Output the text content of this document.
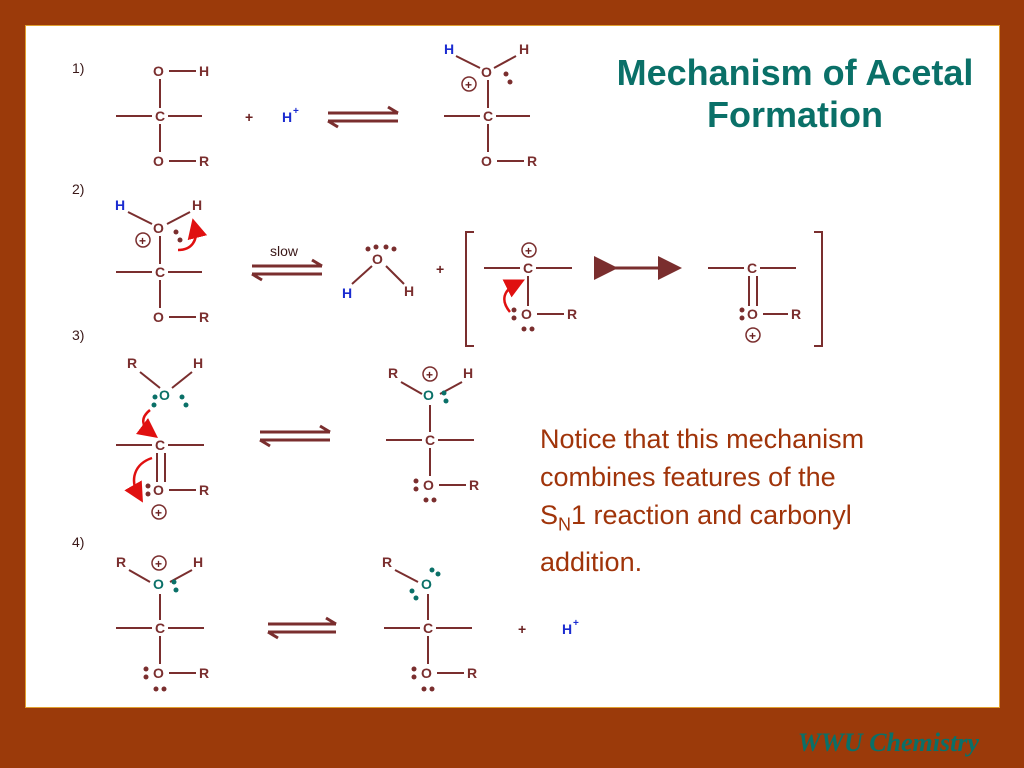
1)
2)
3)
4)
O	H
C
O	R
+ H +
H	H
O
+
C
O	R
H	H
O
+
C
O	R
slow	O
H	H
+
+
C
O	R
C
O R
+
R	H
O
C
O	R
+
R + H
O
C
O	R
R + H
O
C
O	R
R
O
C
O	R
+	H +
Mechanism of Acetal Formation
Notice that this mechanism
combines features of the
$S_N1$ reaction and carbonyl
addition.
WWU Chemistry
